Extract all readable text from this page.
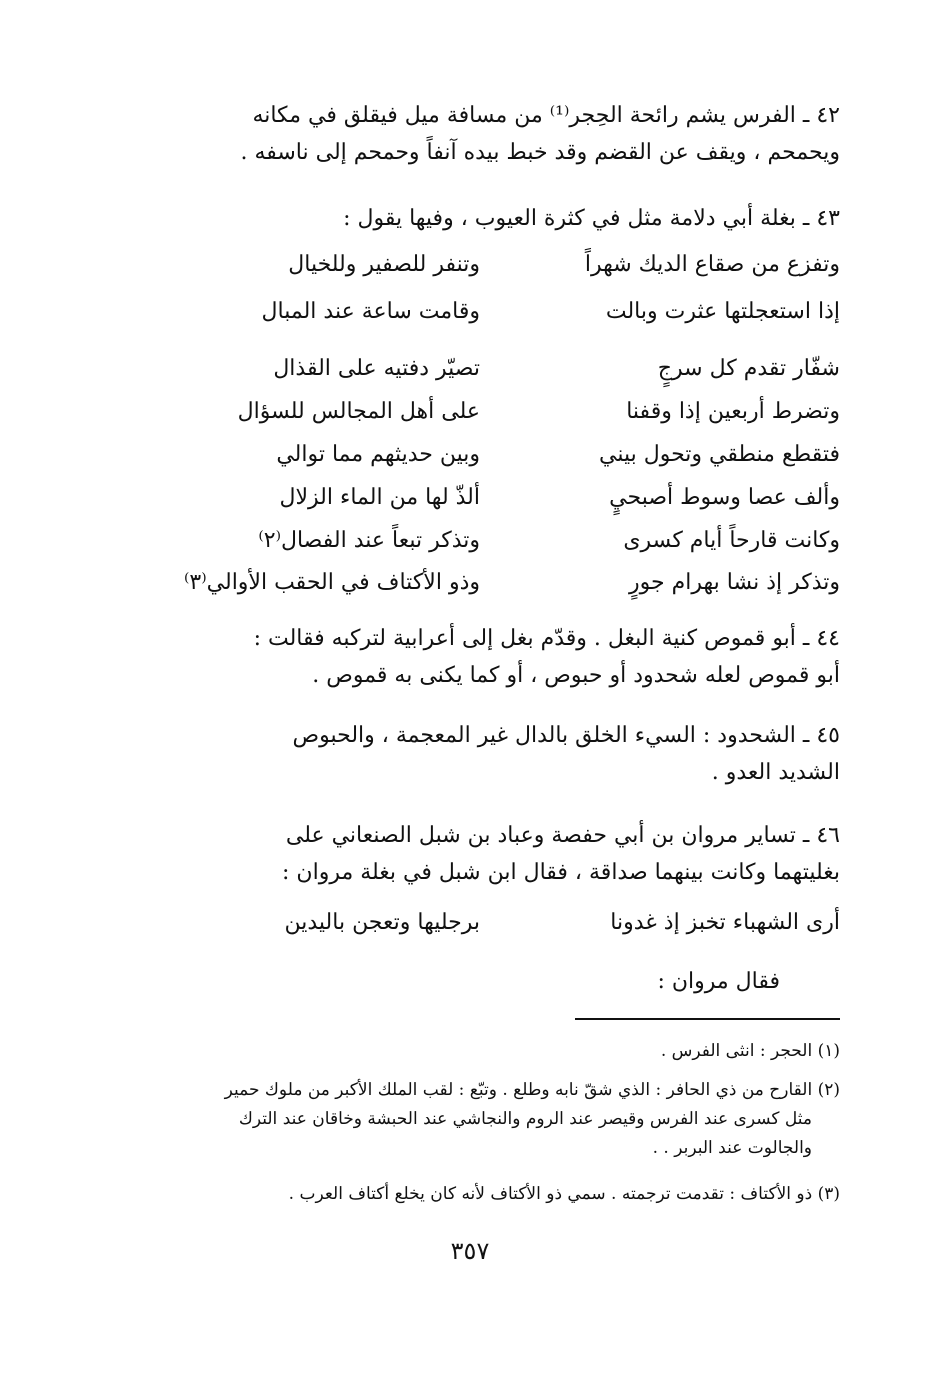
٤٢ ـ الفرس يشم رائحة الحِجر⁽¹⁾ من مسافة ميل فيقلق في مكانه
ويحمحم ، ويقف عن القضم وقد خبط بيده آنفاً وحمحم إلى ناسفه .
٤٣ ـ بغلة أبي دلامة مثل في كثرة العيوب ، وفيها يقول :
وتفزع من صقاع الديك شهراً
وتنفر للصفير وللخيال
إذا استعجلتها عثرت وبالت
وقامت ساعة عند المبال
شفّار تقدم كل سرجٍ
تصيّر دفتيه على القذال
وتضرط أربعين إذا وقفنا
على أهل المجالس للسؤال
فتقطع منطقي وتحول بيني
وبين حديثهم مما توالي
وألف عصا وسوط أصبحيٍ
ألذّ لها من الماء الزلال
وكانت قارحاً أيام كسرى
وتذكر تبعاً عند الفصال⁽٢⁾
وتذكر إذ نشا بهرام جورٍ
وذو الأكتاف في الحقب الأوالي⁽٣⁾
٤٤ ـ أبو قموص كنية البغل . وقدّم بغل إلى أعرابية لتركبه فقالت :
أبو قموص لعله شحدود أو حبوص ، أو كما يكنى به قموص .
٤٥ ـ الشحدود : السيء الخلق بالدال غير المعجمة ، والحبوص
الشديد العدو .
٤٦ ـ تساير مروان بن أبي حفصة وعباد بن شبل الصنعاني على
بغليتهما وكانت بينهما صداقة ، فقال ابن شبل في بغلة مروان :
أرى الشهباء تخبز إذ غدونا
برجليها وتعجن باليدين
فقال مروان :
(١) الحجر : انثى الفرس .
(٢) القارح من ذي الحافر : الذي شقّ نابه وطلع . وتبّع : لقب الملك الأكبر من ملوك حمير
مثل كسرى عند الفرس وقيصر عند الروم والنجاشي عند الحبشة وخاقان عند الترك
والجالوت عند البربر . .
(٣) ذو الأكتاف : تقدمت ترجمته . سمي ذو الأكتاف لأنه كان يخلع أكتاف العرب .
٣٥٧
